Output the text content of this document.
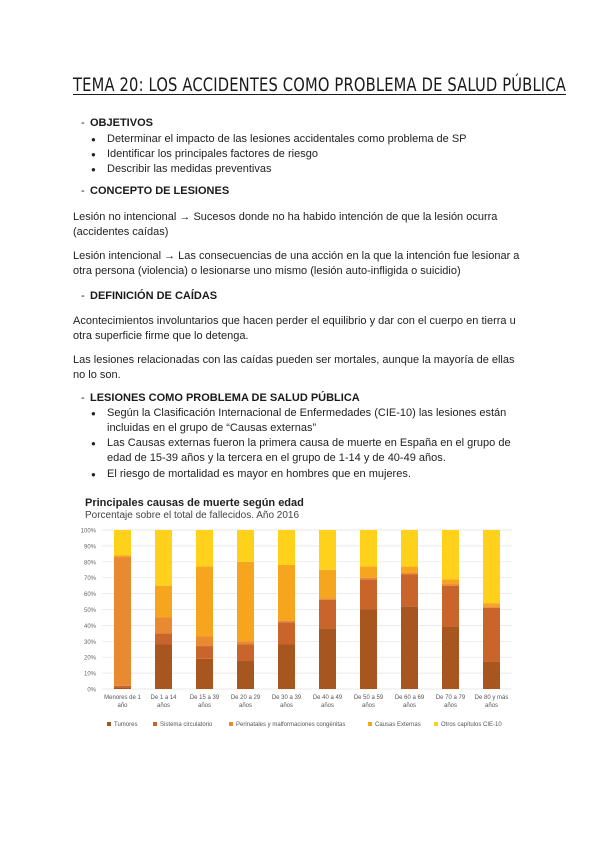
TEMA 20: LOS ACCIDENTES COMO PROBLEMA DE SALUD PÚBLICA
- OBJETIVOS
● Determinar el impacto de las lesiones accidentales como problema de SP
● Identificar los principales factores de riesgo
● Describir las medidas preventivas
- CONCEPTO DE LESIONES
Lesión no intencional → Sucesos donde no ha habido intención de que la lesión ocurra
(accidentes caídas)
Lesión intencional → Las consecuencias de una acción en la que la intención fue lesionar a
otra persona (violencia) o lesionarse uno mismo (lesión auto-infligida o suicidio)
- DEFINICIÓN DE CAÍDAS
Acontecimientos involuntarios que hacen perder el equilibrio y dar con el cuerpo en tierra u
otra superficie firme que lo detenga.
Las lesiones relacionadas con las caídas pueden ser mortales, aunque la mayoría de ellas
no lo son.
- LESIONES COMO PROBLEMA DE SALUD PÚBLICA
● Según la Clasificación Internacional de Enfermedades (CIE-10) las lesiones están
incluidas en el grupo de “Causas externas”
● Las Causas externas fueron la primera causa de muerte en España en el grupo de
edad de 15-39 años y la tercera en el grupo de 1-14 y de 40-49 años.
● El riesgo de mortalidad es mayor en hombres que en mujeres.
Principales causas de muerte según edad
Porcentaje sobre el total de fallecidos. Año 2016
0%
10%
20%
30%
40%
50%
60%
70%
80%
90%
100%
Menores de 1
año
De 1 a 14
años
De 15 a 39
años
De 20 a 29
años
De 30 a 39
años
De 40 a 49
años
De 50 a 59
años
De 60 a 69
años
De 70 a 79
años
De 80 y más
años
Tumores	Sistema circulatorio	Perinatales y malformaciones congénitas	Causas Externas	Otros capítulos CIE-10
